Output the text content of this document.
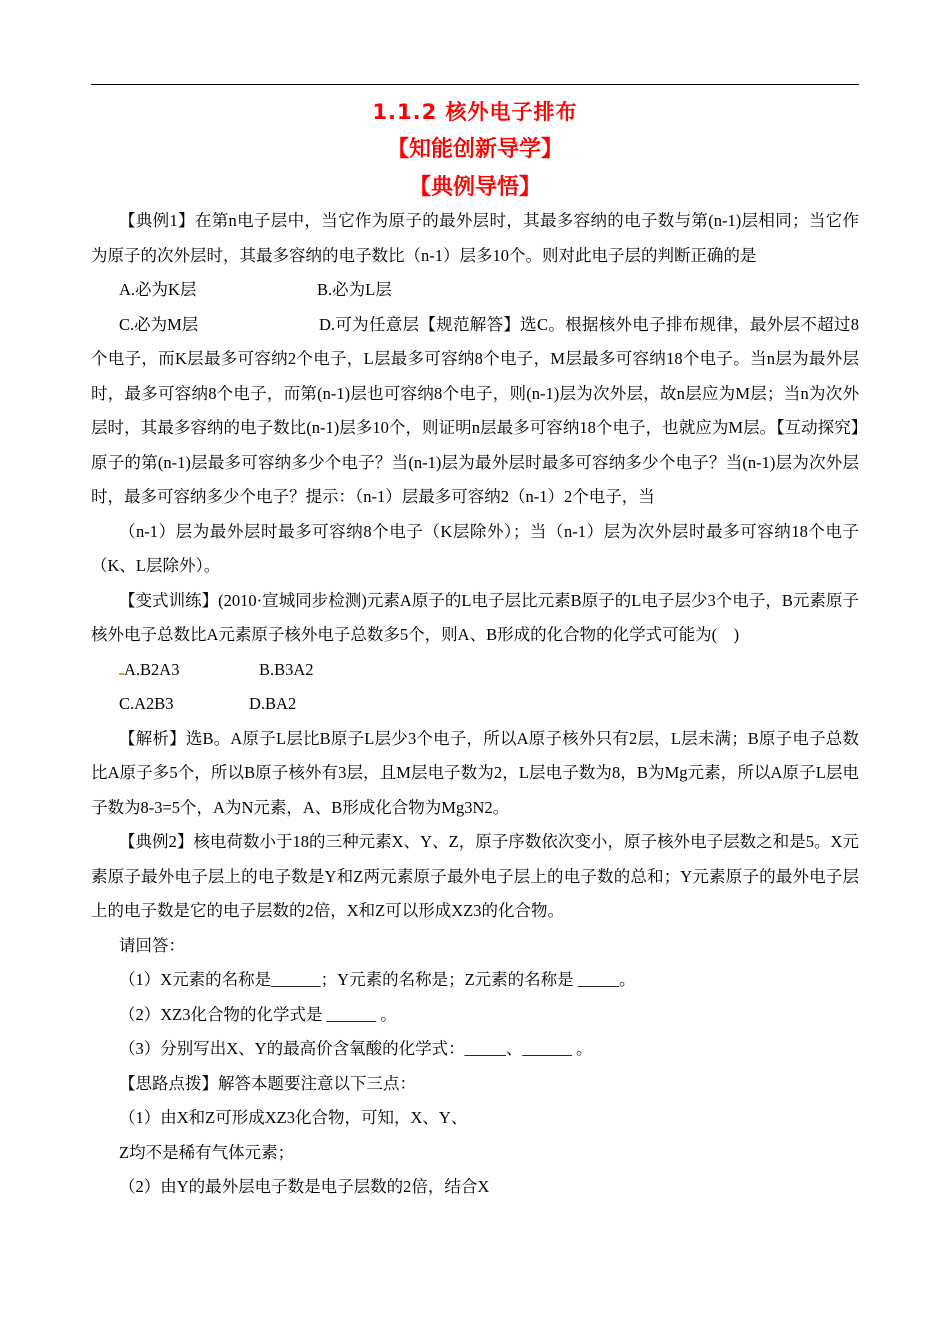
1.1.2 核外电子排布
【知能创新导学】
【典例导悟】

【典例1】在第n电子层中，当它作为原子的最外层时，其最多容纳的电子数与第(n-1)层相同；当它作为原子的次外层时，其最多容纳的电子数比（n-1）层多10个。则对此电子层的判断正确的是

A.必为K层	B.必为L层

C.必为M层	D.可为任意层【规范解答】选C。根据核外电子排布规律，最外层不超过8个电子，而K层最多可容纳2个电子，L层最多可容纳8个电子，M层最多可容纳18个电子。当n层为最外层时，最多可容纳8个电子，而第(n-1)层也可容纳8个电子，则(n-1)层为次外层，故n层应为M层；当n为次外层时，其最多容纳的电子数比(n-1)层多10个，则证明n层最多可容纳18个电子，也就应为M层。【互动探究】原子的第(n-1)层最多可容纳多少个电子？当(n-1)层为最外层时最多可容纳多少个电子？当(n-1)层为次外层时，最多可容纳多少个电子？提示：（n-1）层最多可容纳2（n-1）2个电子，当

（n-1）层为最外层时最多可容纳8个电子（K层除外）；当（n-1）层为次外层时最多可容纳18个电子（K、L层除外）。

【变式训练】(2010·宣城同步检测)元素A原子的L电子层比元素B原子的L电子层少3个电子，B元素原子核外电子总数比A元素原子核外电子总数多5个，则A、B形成的化合物的化学式可能为(　)

A.B2A3	B.B3A2

C.A2B3	D.BA2

【解析】选B。A原子L层比B原子L层少3个电子，所以A原子核外只有2层，L层未满；B原子电子总数比A原子多5个，所以B原子核外有3层，且M层电子数为2，L层电子数为8，B为Mg元素，所以A原子L层电子数为8-3=5个，A为N元素，A、B形成化合物为Mg3N2。

【典例2】核电荷数小于18的三种元素X、Y、Z，原子序数依次变小，原子核外电子层数之和是5。X元素原子最外电子层上的电子数是Y和Z两元素原子最外电子层上的电子数的总和；Y元素原子的最外电子层上的电子数是它的电子层数的2倍，X和Z可以形成XZ3的化合物。

请回答：

（1）X元素的名称是______；Y元素的名称是；Z元素的名称是 _____。

（2）XZ3化合物的化学式是 ______ 。

（3）分别写出X、Y的最高价含氧酸的化学式：_____、______ 。

【思路点拨】解答本题要注意以下三点：

（1）由X和Z可形成XZ3化合物，可知，X、Y、

Z均不是稀有气体元素；

（2）由Y的最外层电子数是电子层数的2倍，结合X
